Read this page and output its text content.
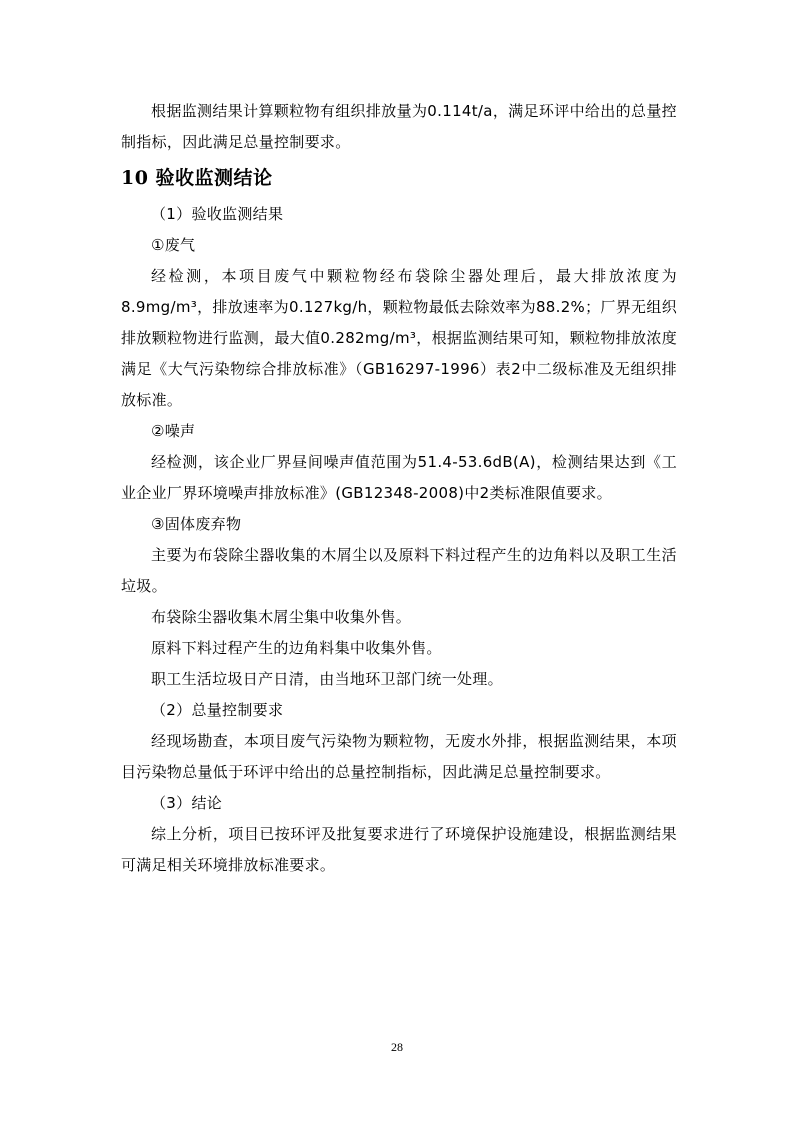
根据监测结果计算颗粒物有组织排放量为0.114t/a，满足环评中给出的总量控制指标，因此满足总量控制要求。

10 验收监测结论

（1）验收监测结果

①废气

经检测，本项目废气中颗粒物经布袋除尘器处理后，最大排放浓度为8.9mg/m³，排放速率为0.127kg/h，颗粒物最低去除效率为88.2%；厂界无组织排放颗粒物进行监测，最大值0.282mg/m³，根据监测结果可知，颗粒物排放浓度满足《大气污染物综合排放标准》（GB16297-1996）表2中二级标准及无组织排放标准。

②噪声

经检测，该企业厂界昼间噪声值范围为51.4-53.6dB(A)，检测结果达到《工业企业厂界环境噪声排放标准》(GB12348-2008)中2类标准限值要求。

③固体废弃物

主要为布袋除尘器收集的木屑尘以及原料下料过程产生的边角料以及职工生活垃圾。

布袋除尘器收集木屑尘集中收集外售。

原料下料过程产生的边角料集中收集外售。

职工生活垃圾日产日清，由当地环卫部门统一处理。

（2）总量控制要求

经现场勘查，本项目废气污染物为颗粒物，无废水外排，根据监测结果，本项目污染物总量低于环评中给出的总量控制指标，因此满足总量控制要求。

（3）结论

综上分析，项目已按环评及批复要求进行了环境保护设施建设，根据监测结果可满足相关环境排放标准要求。

28
